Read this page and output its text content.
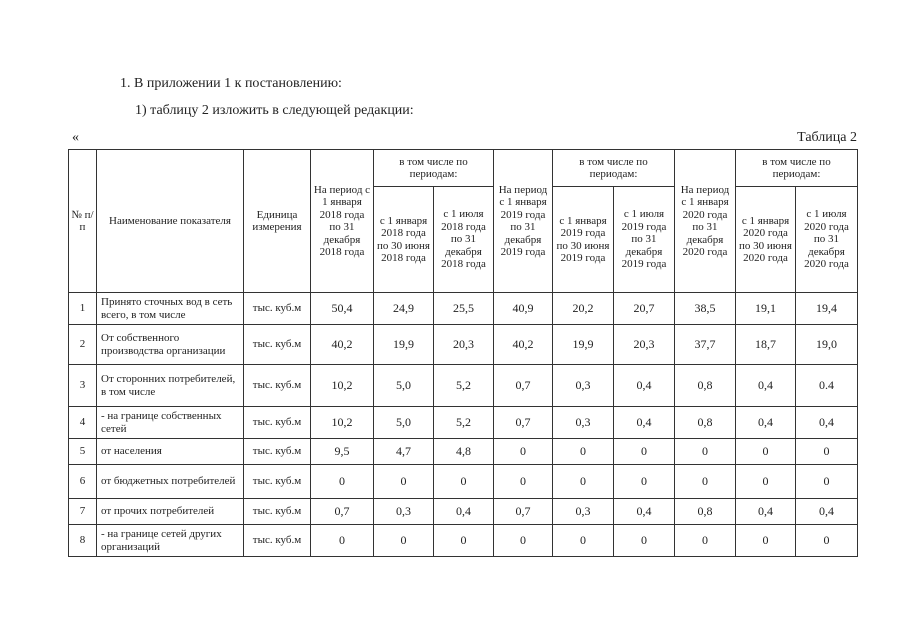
1. В приложении 1 к постановлению:
1) таблицу 2 изложить в следующей редакции:
«	Таблица 2
№ п/п	Наименование показателя	Единица измерения	На период с 1 января 2018 года по 31 декабря 2018 года	в том числе по периодам:		На период с 1 января 2019 года по 31 декабря 2019 года	в том числе по периодам:		На период с 1 января 2020 года по 31 декабря 2020 года	в том числе по периодам:	
				с 1 января 2018 года по 30 июня 2018 года	с 1 июля 2018 года по 31 декабря 2018 года		с 1 января 2019 года по 30 июня 2019 года	с 1 июля 2019 года по 31 декабря 2019 года		с 1 января 2020 года по 30 июня 2020 года	с 1 июля 2020 года по 31 декабря 2020 года
1	Принято сточных вод в сеть всего, в том числе	тыс. куб.м	50,4	24,9	25,5	40,9	20,2	20,7	38,5	19,1	19,4
2	От собственного производства организации	тыс. куб.м	40,2	19,9	20,3	40,2	19,9	20,3	37,7	18,7	19,0
3	От сторонних потребителей, в том числе	тыс. куб.м	10,2	5,0	5,2	0,7	0,3	0,4	0,8	0,4	0.4
4	- на границе собственных сетей	тыс. куб.м	10,2	5,0	5,2	0,7	0,3	0,4	0,8	0,4	0,4
5	от населения	тыс. куб.м	9,5	4,7	4,8	0	0	0	0	0	0
6	от бюджетных потребителей	тыс. куб.м	0	0	0	0	0	0	0	0	0
7	от прочих потребителей	тыс. куб.м	0,7	0,3	0,4	0,7	0,3	0,4	0,8	0,4	0,4
8	- на границе сетей других организаций	тыс. куб.м	0	0	0	0	0	0	0	0	0
